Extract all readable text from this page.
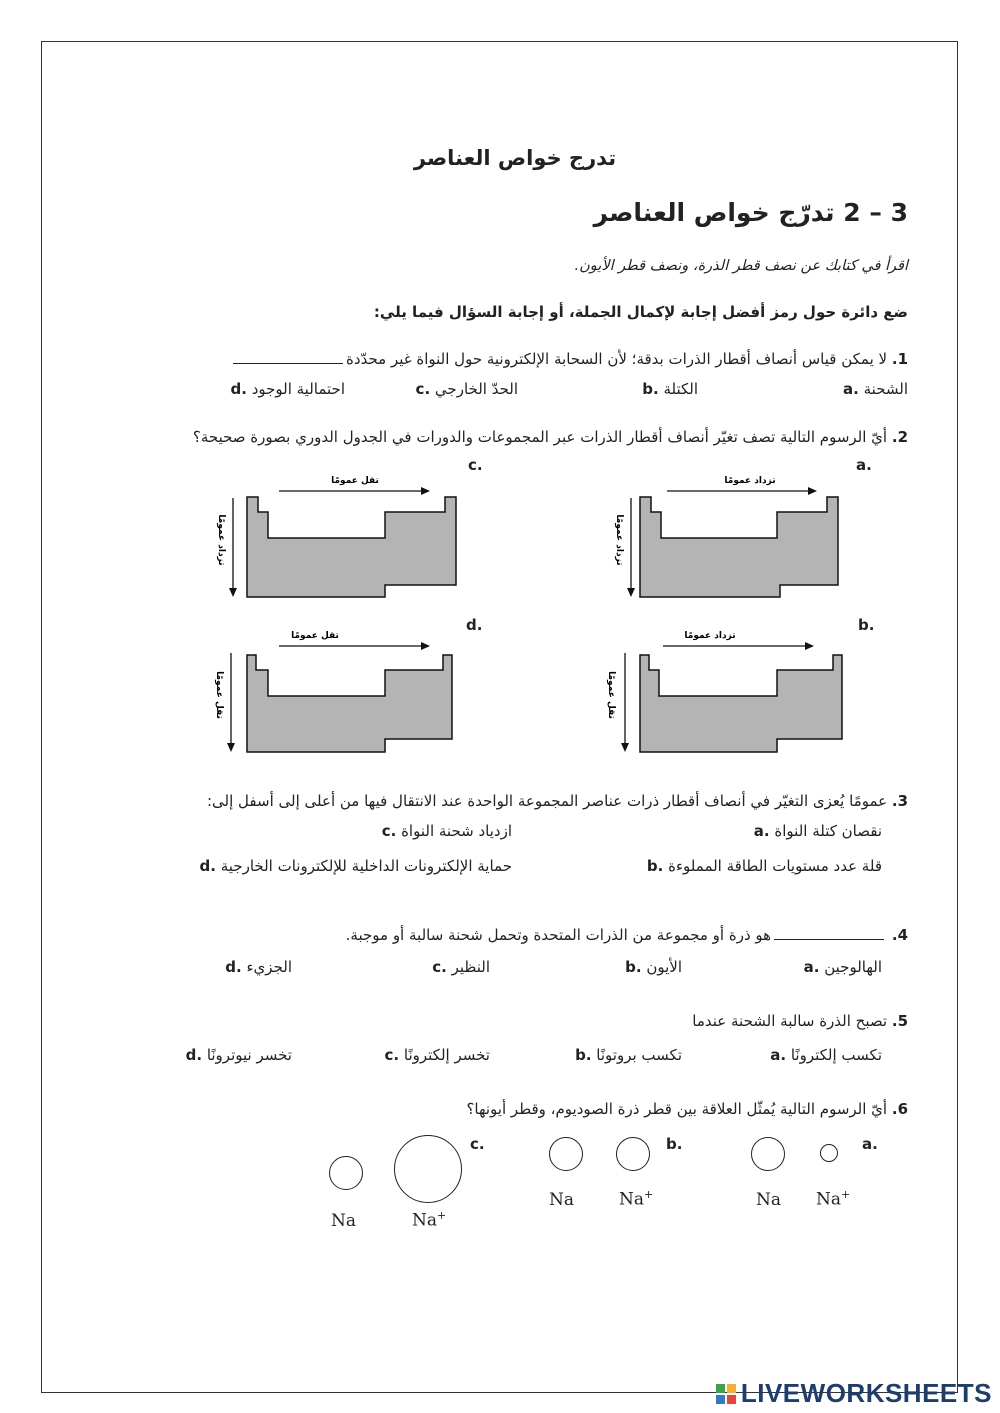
تدرج خواص العناصر
3 – 2 تدرّج خواص العناصر
اقرأ في كتابك عن نصف قطر الذرة، ونصف قطر الأيون.
ضع دائرة حول رمز أفضل إجابة لإكمال الجملة، أو إجابة السؤال فيما يلي:
1. لا يمكن قياس أنصاف أقطار الذرات بدقة؛ لأن السحابة الإلكترونية حول النواة غير محدّدة
a. الشحنة
b. الكتلة
c. الحدّ الخارجي
d. احتمالية الوجود
2. أيّ الرسوم التالية تصف تغيّر أنصاف أقطار الذرات عبر المجموعات والدورات في الجدول الدوري بصورة صحيحة؟
a.
تزداد عمومًا
تزداد عمومًا
c.
تقل عمومًا
تزداد عمومًا
b.
تزداد عمومًا
تقل عمومًا
d.
تقل عمومًا
تقل عمومًا
3. عمومًا يُعزى التغيّر في أنصاف أقطار ذرات عناصر المجموعة الواحدة عند الانتقال فيها من أعلى إلى أسفل إلى:
a. نقصان كتلة النواة
c. ازدياد شحنة النواة
b. قلة عدد مستويات الطاقة المملوءة
d. حماية الإلكترونات الداخلية للإلكترونات الخارجية
4. هو ذرة أو مجموعة من الذرات المتحدة وتحمل شحنة سالبة أو موجبة.
a. الهالوجين
b. الأيون
c. النظير
d. الجزيء
5. تصبح الذرة سالبة الشحنة عندما
a. تكسب إلكترونًا
b. تكسب بروتونًا
c. تخسر إلكترونًا
d. تخسر نيوترونًا
6. أيّ الرسوم التالية يُمثّل العلاقة بين قطر ذرة الصوديوم، وقطر أيونها؟
a.
Na Na+
b.
Na	Na+
c.
Na	Na+
LIVEWORKSHEETS
